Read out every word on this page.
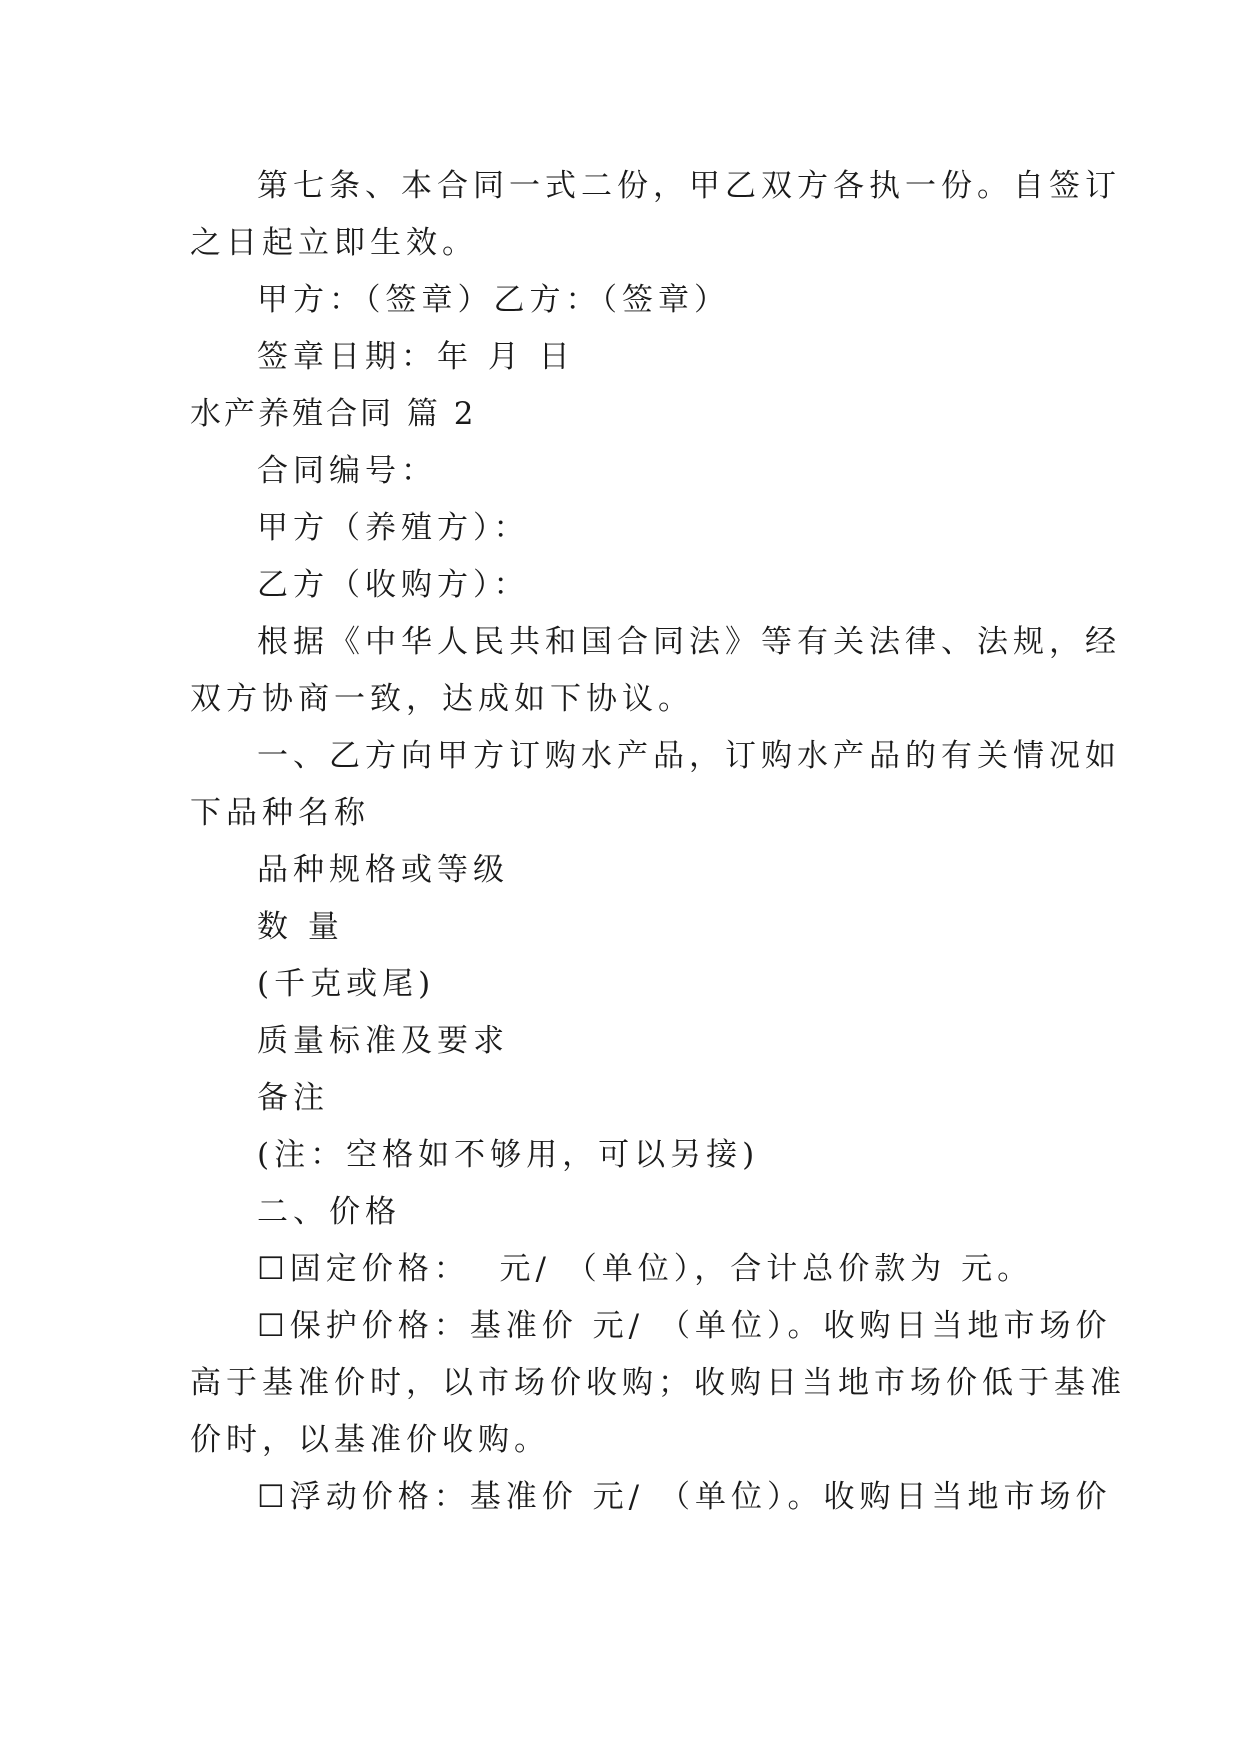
第七条、本合同一式二份，甲乙双方各执一份。自签订
之日起立即生效。
甲方：（签章）乙方：（签章）
签章日期：年 月 日
水产养殖合同 篇 2
合同编号：
甲方（养殖方）：
乙方（收购方）：
根据《中华人民共和国合同法》等有关法律、法规，经
双方协商一致，达成如下协议。
一、乙方向甲方订购水产品，订购水产品的有关情况如
下品种名称
品种规格或等级
数 量
(千克或尾)
质量标准及要求
备注
(注：空格如不够用，可以另接)
二、价格
☐固定价格：  元/ （单位），合计总价款为 元。
☐保护价格：基准价 元/ （单位）。收购日当地市场价
高于基准价时，以市场价收购；收购日当地市场价低于基准
价时，以基准价收购。
☐浮动价格：基准价 元/ （单位）。收购日当地市场价
